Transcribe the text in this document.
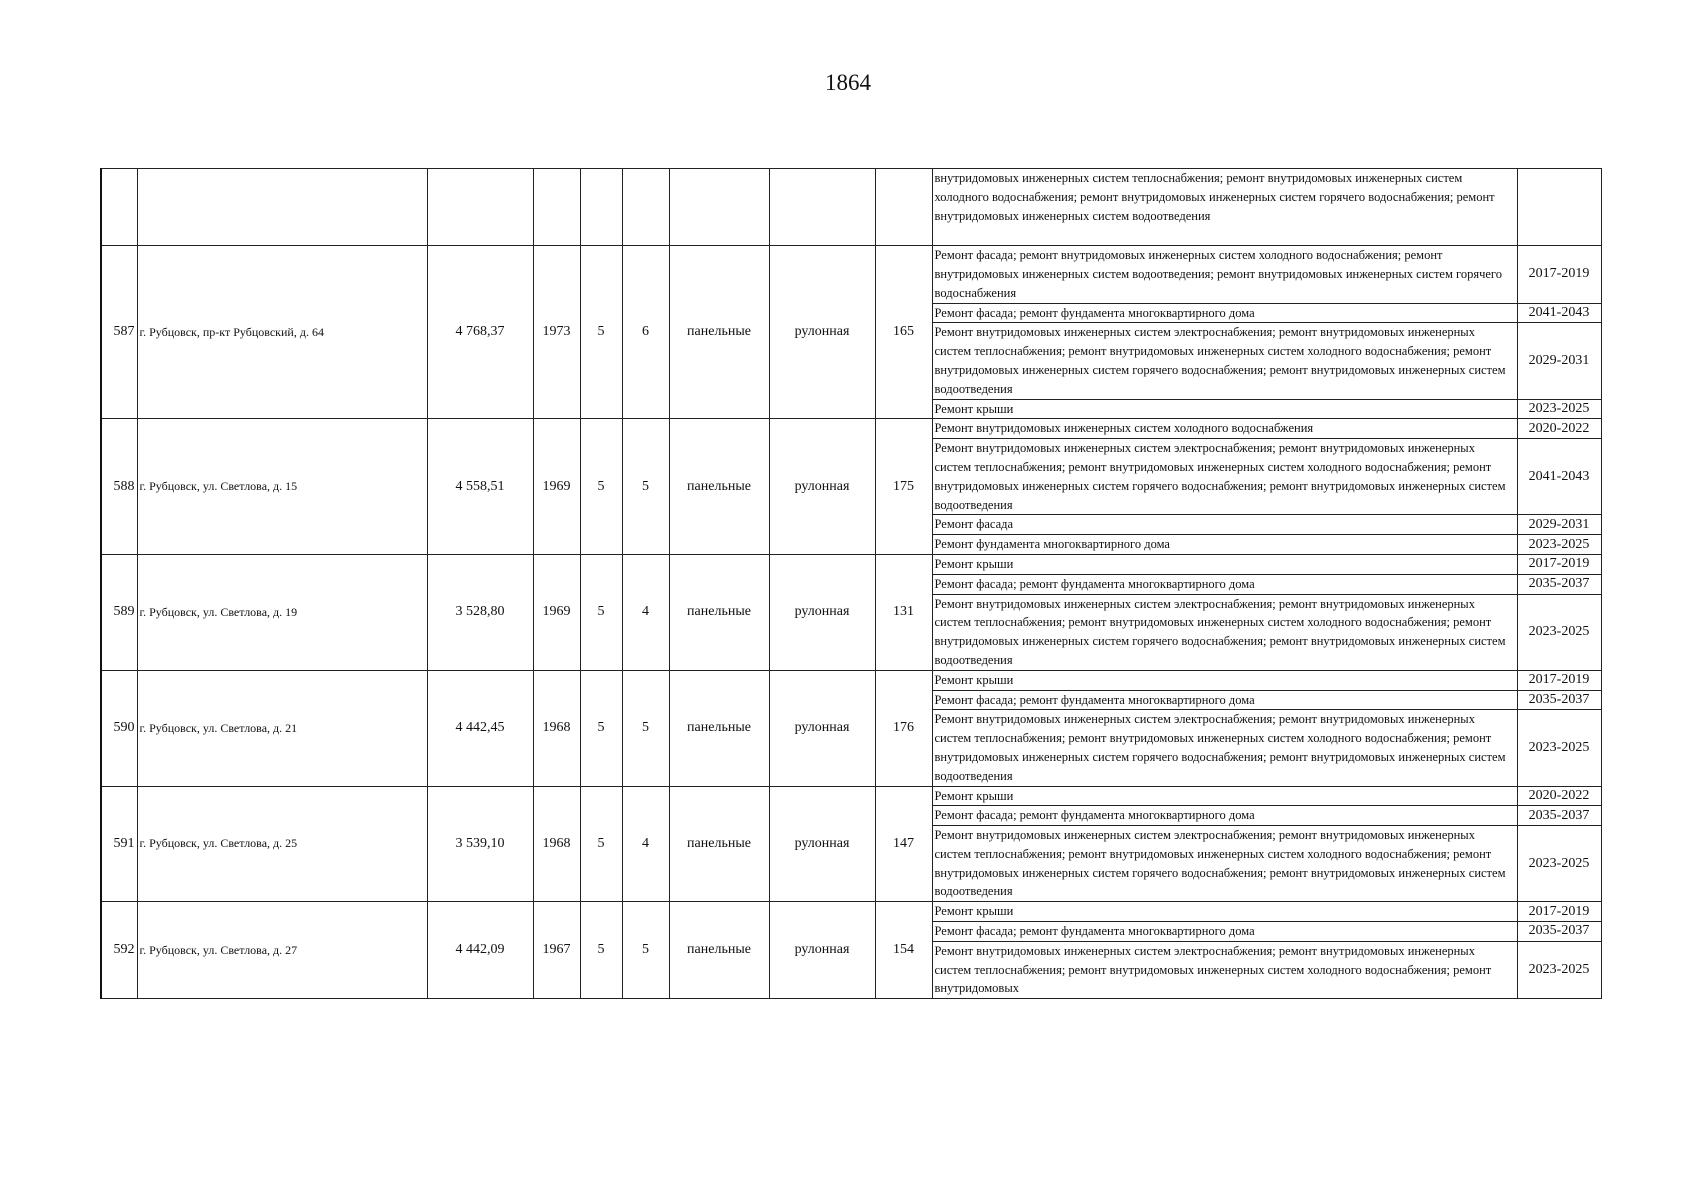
1864
									внутридомовых инженерных систем теплоснабжения; ремонт внутридомовых инженерных систем холодного водоснабжения; ремонт внутридомовых инженерных систем горячего водоснабжения; ремонт внутридомовых инженерных систем водоотведения	
587	г. Рубцовск, пр-кт Рубцовский, д. 64	4 768,37	1973	5	6	панельные	рулонная	165	Ремонт фасада; ремонт внутридомовых инженерных систем холодного водоснабжения; ремонт внутридомовых инженерных систем водоотведения; ремонт внутридомовых инженерных систем горячего водоснабжения	2017-2019
									Ремонт фасада; ремонт фундамента многоквартирного дома	2041-2043
									Ремонт внутридомовых инженерных систем электроснабжения; ремонт внутридомовых инженерных систем теплоснабжения; ремонт внутридомовых инженерных систем холодного водоснабжения; ремонт внутридомовых инженерных систем горячего водоснабжения; ремонт внутридомовых инженерных систем водоотведения	2029-2031
									Ремонт крыши	2023-2025
588	г. Рубцовск, ул. Светлова, д. 15	4 558,51	1969	5	5	панельные	рулонная	175	Ремонт внутридомовых инженерных систем холодного водоснабжения	2020-2022
									Ремонт внутридомовых инженерных систем электроснабжения; ремонт внутридомовых инженерных систем теплоснабжения; ремонт внутридомовых инженерных систем холодного водоснабжения; ремонт внутридомовых инженерных систем горячего водоснабжения; ремонт внутридомовых инженерных систем водоотведения	2041-2043
									Ремонт фасада	2029-2031
									Ремонт фундамента многоквартирного дома	2023-2025
589	г. Рубцовск, ул. Светлова, д. 19	3 528,80	1969	5	4	панельные	рулонная	131	Ремонт крыши	2017-2019
									Ремонт фасада; ремонт фундамента многоквартирного дома	2035-2037
									Ремонт внутридомовых инженерных систем электроснабжения; ремонт внутридомовых инженерных систем теплоснабжения; ремонт внутридомовых инженерных систем холодного водоснабжения; ремонт внутридомовых инженерных систем горячего водоснабжения; ремонт внутридомовых инженерных систем водоотведения	2023-2025
590	г. Рубцовск, ул. Светлова, д. 21	4 442,45	1968	5	5	панельные	рулонная	176	Ремонт крыши	2017-2019
									Ремонт фасада; ремонт фундамента многоквартирного дома	2035-2037
									Ремонт внутридомовых инженерных систем электроснабжения; ремонт внутридомовых инженерных систем теплоснабжения; ремонт внутридомовых инженерных систем холодного водоснабжения; ремонт внутридомовых инженерных систем горячего водоснабжения; ремонт внутридомовых инженерных систем водоотведения	2023-2025
591	г. Рубцовск, ул. Светлова, д. 25	3 539,10	1968	5	4	панельные	рулонная	147	Ремонт крыши	2020-2022
									Ремонт фасада; ремонт фундамента многоквартирного дома	2035-2037
									Ремонт внутридомовых инженерных систем электроснабжения; ремонт внутридомовых инженерных систем теплоснабжения; ремонт внутридомовых инженерных систем холодного водоснабжения; ремонт внутридомовых инженерных систем горячего водоснабжения; ремонт внутридомовых инженерных систем водоотведения	2023-2025
592	г. Рубцовск, ул. Светлова, д. 27	4 442,09	1967	5	5	панельные	рулонная	154	Ремонт крыши	2017-2019
									Ремонт фасада; ремонт фундамента многоквартирного дома	2035-2037
									Ремонт внутридомовых инженерных систем электроснабжения; ремонт внутридомовых инженерных систем теплоснабжения; ремонт внутридомовых инженерных систем холодного водоснабжения; ремонт внутридомовых	2023-2025
